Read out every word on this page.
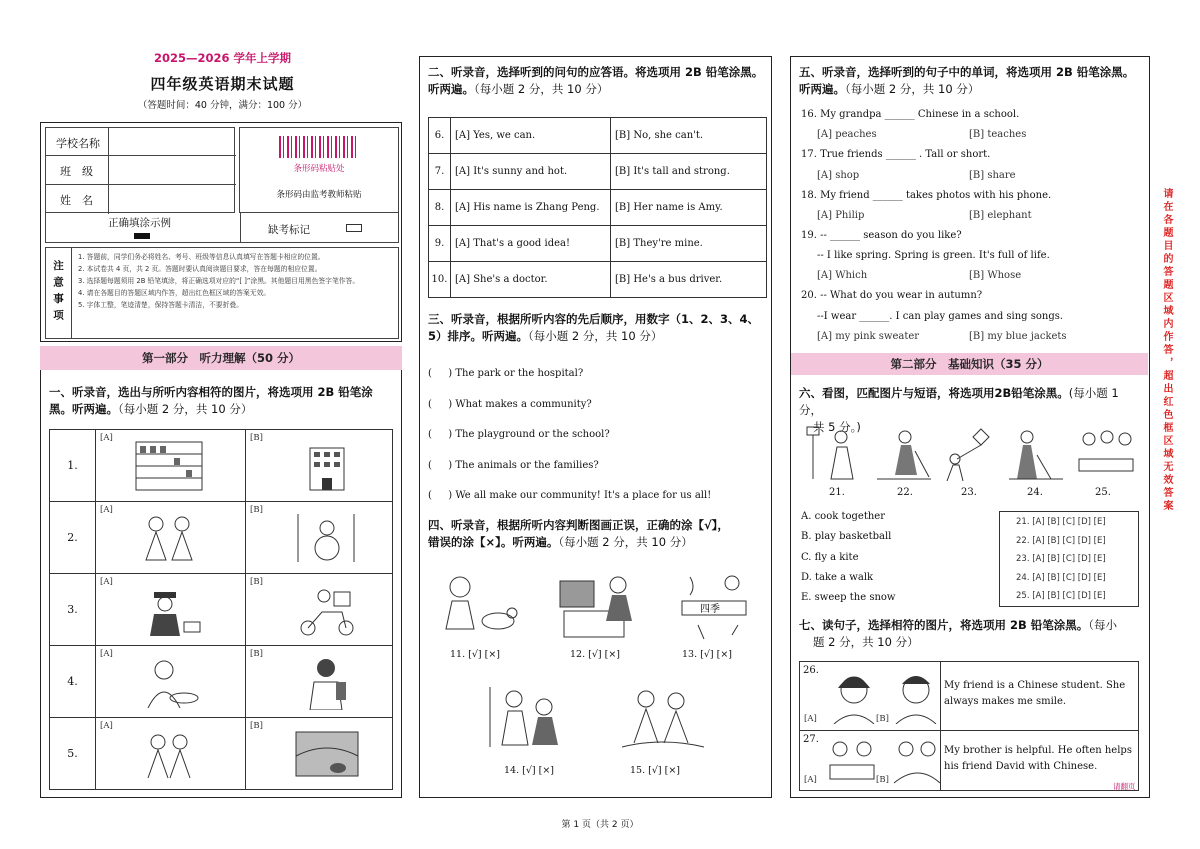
2025—2026 学年上学期
四年级英语期末试题
（答题时间：40 分钟，满分：100 分）
学校名称
班　级
姓　名
条形码粘贴处
条形码由监考教师粘贴
正确填涂示例
缺考标记
注意事项
1. 答题前，同学们务必将姓名、考号、班级等信息认真填写在答题卡相应的位置。
2. 本试卷共 4 页，共 2 页。答题时要认真阅读题目要求，答在每题的相应位置。
3. 选择题每题须用 2B 铅笔填涂，将正确选项对应的“[ ]”涂黑。其他题目用黑色签字笔作答。
4. 请在各题目的答题区域内作答，超出红色框区域的答案无效。
5. 字体工整，笔迹清楚，保持答题卡清洁，不要折叠。
第一部分　听力理解（50 分）
一、听录音，选出与所听内容相符的图片，将选项用 2B 铅笔涂黑。听两遍。（每小题 2 分，共 10 分）
1.	[A]	[B]

2.	[A]	[B]

3.	[A]	[B]

4.	[A]	[B]

5.	[A]	[B]
二、听录音，选择听到的问句的应答语。将选项用 2B 铅笔涂黑。
听两遍。（每小题 2 分，共 10 分）
6.	[A] Yes, we can.	[B] No, she can't.
7.	[A] It's sunny and hot.	[B] It's tall and strong.
8.	[A] His name is Zhang Peng.	[B] Her name is Amy.
9.	[A] That's a good idea!	[B] They're mine.
10.	[A] She's a doctor.	[B] He's a bus driver.
三、听录音，根据所听内容的先后顺序，用数字（1、2、3、4、
5）排序。听两遍。（每小题 2 分，共 10 分）
( 　 ) The park or the hospital?
( 　 ) What makes a community?
( 　 ) The playground or the school?
( 　 ) The animals or the families?
( 　 ) We all make our community! It's a place for us all!
四、听录音，根据所听内容判断图画正误，正确的涂【√】，
错误的涂【×】。听两遍。（每小题 2 分，共 10 分）
11. [√] [×]	12. [√] [×]
四季
13. [√] [×]
14. [√] [×]	15. [√] [×]
五、听录音，选择听到的句子中的单词，将选项用 2B 铅笔涂黑。
听两遍。（每小题 2 分，共 10 分）
16. My grandpa ______ Chinese in a school.
[A] peaches	[B] teaches
17. True friends ______ . Tall or short.
[A] shop	[B] share
18. My friend ______ takes photos with his phone.
[A] Philip	[B] elephant
19. -- ______ season do you like?
-- I like spring. Spring is green. It's full of life.
[A] Which	[B] Whose
20. -- What do you wear in autumn?
--I wear ______. I can play games and sing songs.
[A] my pink sweater	[B] my blue jackets
第二部分　基础知识（35 分）
六、看图，匹配图片与短语，将选项用2B铅笔涂黑。(每小题 1 分，
共 5 分。)
21.	22.	23.	24.	25.
A. cook together
B. play basketball
C. fly a kite
D. take a walk
E. sweep the snow
21. [A] [B] [C] [D] [E]
22. [A] [B] [C] [D] [E]
23. [A] [B] [C] [D] [E]
24. [A] [B] [C] [D] [E]
25. [A] [B] [C] [D] [E]
七、读句子，选择相符的图片，将选项用 2B 铅笔涂黑。（每小
题 2 分，共 10 分）
26.
[A]	[B]
My friend is a Chinese student. She always makes me smile.
27.
[A]	[B]
My brother is helpful. He often helps his friend David with Chinese.
请翻页
请在各题目的答题区域内作答，超出红色框区域无效答案
第 1 页（共 2 页）
